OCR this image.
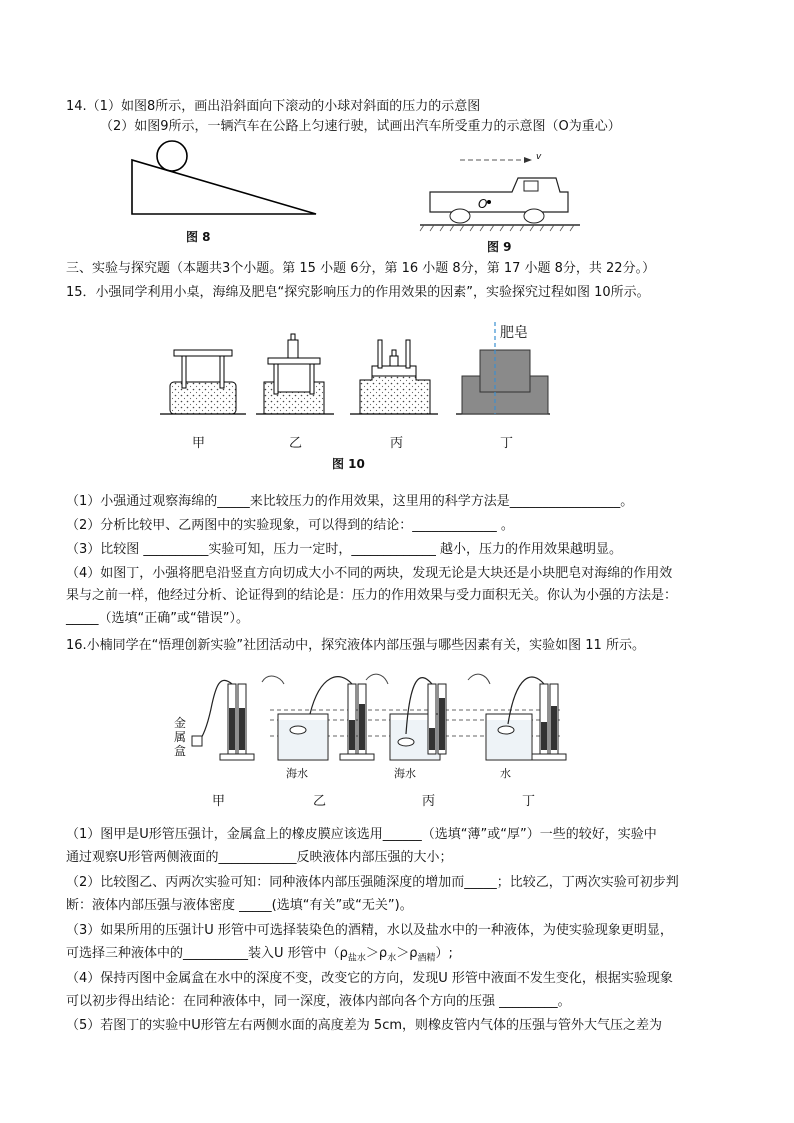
14.（1）如图8所示，画出沿斜面向下滚动的小球对斜面的压力的示意图
（2）如图9所示，一辆汽车在公路上匀速行驶，试画出汽车所受重力的示意图（O为重心）
图 8
v
O
图 9
三、实验与探究题（本题共3个小题。第 15 小题 6分，第 16 小题 8分，第 17 小题 8分，共 22分。）
15．小强同学利用小桌，海绵及肥皂“探究影响压力的作用效果的因素”，实验探究过程如图 10所示。
肥皂
甲	乙	丙	丁
图 10
（1）小强通过观察海绵的_____来比较压力的作用效果，这里用的科学方法是_________________。
（2）分析比较甲、乙两图中的实验现象，可以得到的结论：_____________ 。
（3）比较图 __________实验可知，压力一定时，_____________ 越小，压力的作用效果越明显。
（4）如图丁，小强将肥皂沿竖直方向切成大小不同的两块，发现无论是大块还是小块肥皂对海绵的作用效
果与之前一样，他经过分析、论证得到的结论是：压力的作用效果与受力面积无关。你认为小强的方法是：
_____（选填“正确”或“错误”）。
16.小楠同学在“悟理创新实验”社团活动中，探究液体内部压强与哪些因素有关，实验如图 11 所示。
金
属
盒
海水	海水	水
甲	乙	丙	丁
（1）图甲是U形管压强计，金属盒上的橡皮膜应该选用______（选填“薄”或“厚”）一些的较好，实验中
通过观察U形管两侧液面的____________反映液体内部压强的大小；
（2）比较图乙、丙两次实验可知：同种液体内部压强随深度的增加而_____；比较乙，丁两次实验可初步判
断：液体内部压强与液体密度 _____(选填“有关”或“无关”)。
（3）如果所用的压强计U 形管中可选择装染色的酒精，水以及盐水中的一种液体，为使实验现象更明显，
可选择三种液体中的__________装入U 形管中$(\rho_{盐水}>\rho_水>\rho_{酒精})$;
（4）保持丙图中金属盒在水中的深度不变，改变它的方向，发现U 形管中液面不发生变化，根据实验现象
可以初步得出结论：在同种液体中，同一深度，液体内部向各个方向的压强 _________。
（5）若图丁的实验中U形管左右两侧水面的高度差为 5cm，则橡皮管内气体的压强与管外大气压之差为
